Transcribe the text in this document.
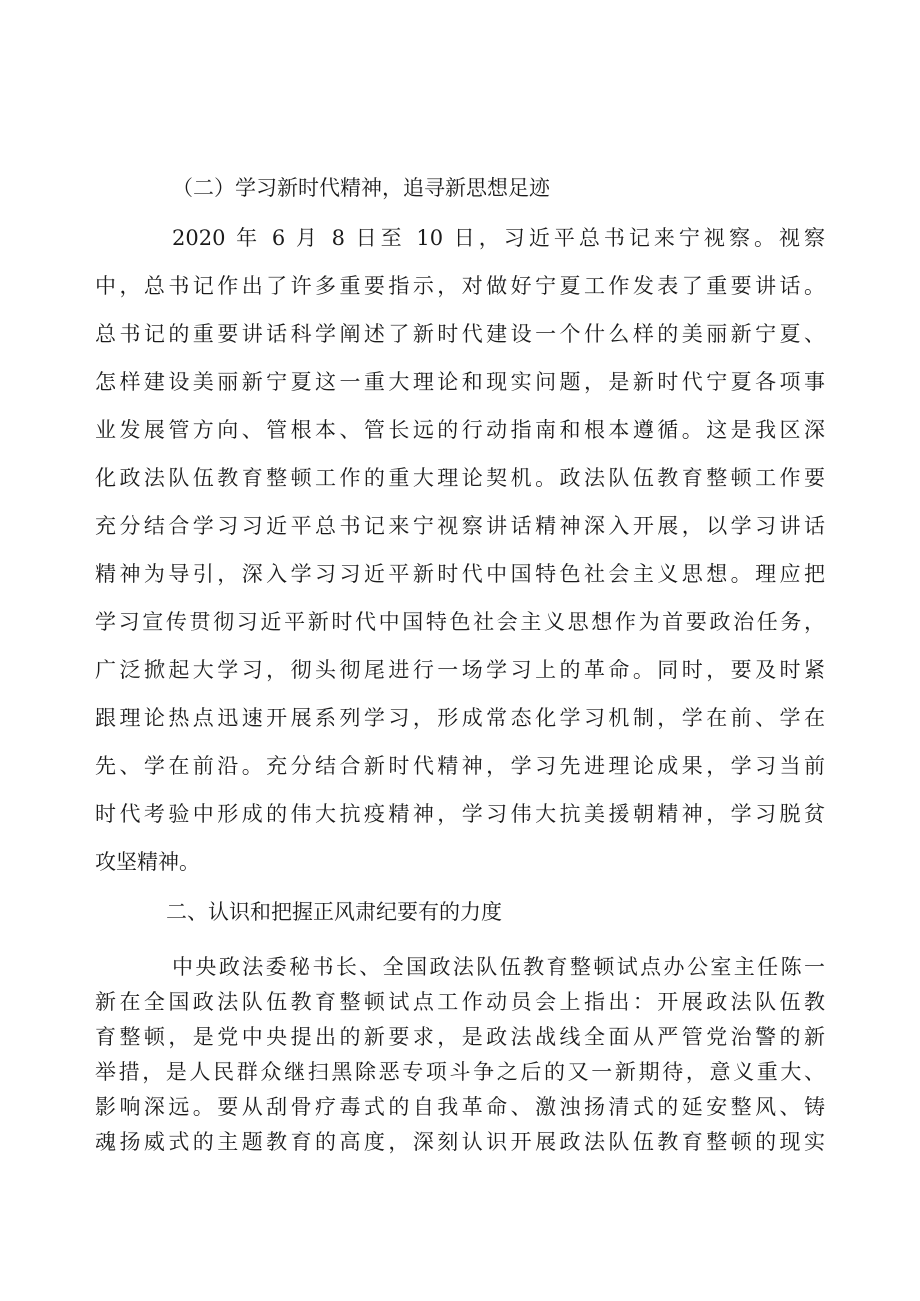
（二）学习新时代精神，追寻新思想足迹

2020 年 6 月 8 日至 10 日，习近平总书记来宁视察。视察

中，总书记作出了许多重要指示，对做好宁夏工作发表了重要讲话。

总书记的重要讲话科学阐述了新时代建设一个什么样的美丽新宁夏、

怎样建设美丽新宁夏这一重大理论和现实问题，是新时代宁夏各项事

业发展管方向、管根本、管长远的行动指南和根本遵循。这是我区深

化政法队伍教育整顿工作的重大理论契机。政法队伍教育整顿工作要

充分结合学习习近平总书记来宁视察讲话精神深入开展，以学习讲话

精神为导引，深入学习习近平新时代中国特色社会主义思想。理应把

学习宣传贯彻习近平新时代中国特色社会主义思想作为首要政治任务，

广泛掀起大学习，彻头彻尾进行一场学习上的革命。同时，要及时紧

跟理论热点迅速开展系列学习，形成常态化学习机制，学在前、学在

先、学在前沿。充分结合新时代精神，学习先进理论成果，学习当前

时代考验中形成的伟大抗疫精神，学习伟大抗美援朝精神，学习脱贫

攻坚精神。

二、认识和把握正风肃纪要有的力度

中央政法委秘书长、全国政法队伍教育整顿试点办公室主任陈一

新在全国政法队伍教育整顿试点工作动员会上指出：开展政法队伍教

育整顿，是党中央提出的新要求，是政法战线全面从严管党治警的新

举措，是人民群众继扫黑除恶专项斗争之后的又一新期待，意义重大、

影响深远。要从刮骨疗毒式的自我革命、激浊扬清式的延安整风、铸

魂扬威式的主题教育的高度，深刻认识开展政法队伍教育整顿的现实
